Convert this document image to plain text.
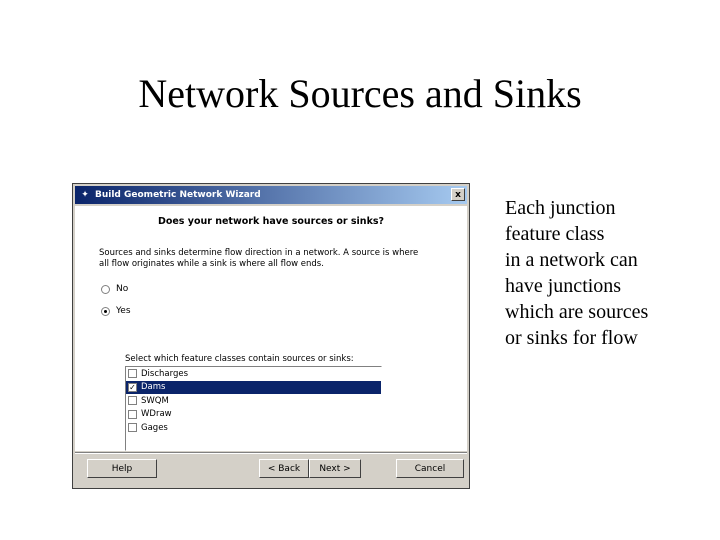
Network Sources and Sinks
Each junction
feature class
in a network can
have junctions
which are sources
or sinks for flow
✦ Build Geometric Network Wizard	x
Does your network have sources or sinks?
Sources and sinks determine flow direction in a network. A source is where all flow originates while a sink is where all flow ends.
No
Yes
Select which feature classes contain sources or sinks:
Discharges
✓ Dams
SWQM
WDraw
Gages
Help	< Back	Next >	Cancel
